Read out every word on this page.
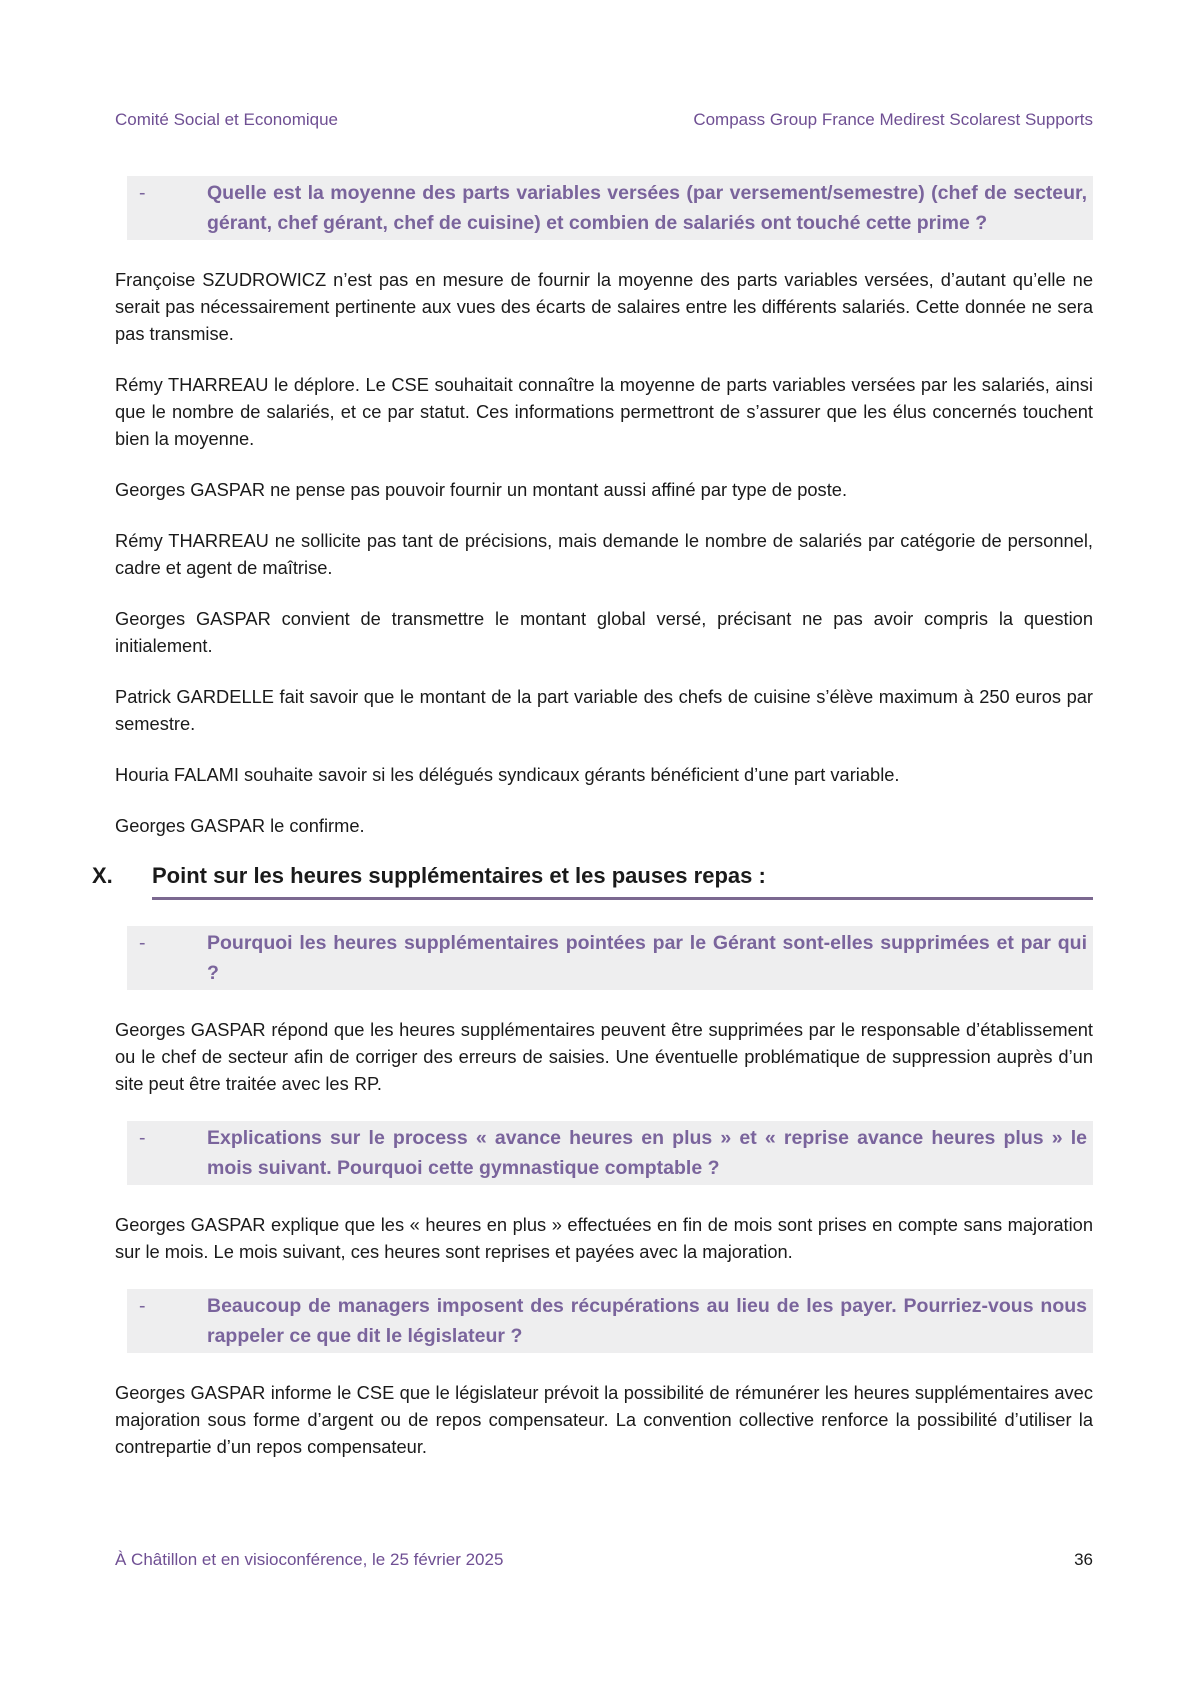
Comité Social et Economique	Compass Group France Medirest Scolarest Supports
-	Quelle est la moyenne des parts variables versées (par versement/semestre) (chef de secteur, gérant, chef gérant, chef de cuisine) et combien de salariés ont touché cette prime ?

Françoise SZUDROWICZ n’est pas en mesure de fournir la moyenne des parts variables versées, d’autant qu’elle ne serait pas nécessairement pertinente aux vues des écarts de salaires entre les différents salariés. Cette donnée ne sera pas transmise.

Rémy THARREAU le déplore. Le CSE souhaitait connaître la moyenne de parts variables versées par les salariés, ainsi que le nombre de salariés, et ce par statut. Ces informations permettront de s’assurer que les élus concernés touchent bien la moyenne.

Georges GASPAR ne pense pas pouvoir fournir un montant aussi affiné par type de poste.

Rémy THARREAU ne sollicite pas tant de précisions, mais demande le nombre de salariés par catégorie de personnel, cadre et agent de maîtrise.

Georges GASPAR convient de transmettre le montant global versé, précisant ne pas avoir compris la question initialement.

Patrick GARDELLE fait savoir que le montant de la part variable des chefs de cuisine s’élève maximum à 250 euros par semestre.

Houria FALAMI souhaite savoir si les délégués syndicaux gérants bénéficient d’une part variable.

Georges GASPAR le confirme.

X.	Point sur les heures supplémentaires et les pauses repas :
-	Pourquoi les heures supplémentaires pointées par le Gérant sont-elles supprimées et par qui ?

Georges GASPAR répond que les heures supplémentaires peuvent être supprimées par le responsable d’établissement ou le chef de secteur afin de corriger des erreurs de saisies. Une éventuelle problématique de suppression auprès d’un site peut être traitée avec les RP.

-	Explications sur le process « avance heures en plus » et « reprise avance heures plus » le mois suivant. Pourquoi cette gymnastique comptable ?

Georges GASPAR explique que les « heures en plus » effectuées en fin de mois sont prises en compte sans majoration sur le mois. Le mois suivant, ces heures sont reprises et payées avec la majoration.

-	Beaucoup de managers imposent des récupérations au lieu de les payer. Pourriez-vous nous rappeler ce que dit le législateur ?

Georges GASPAR informe le CSE que le législateur prévoit la possibilité de rémunérer les heures supplémentaires avec majoration sous forme d’argent ou de repos compensateur. La convention collective renforce la possibilité d’utiliser la contrepartie d’un repos compensateur.

À Châtillon et en visioconférence, le 25 février 2025	36
